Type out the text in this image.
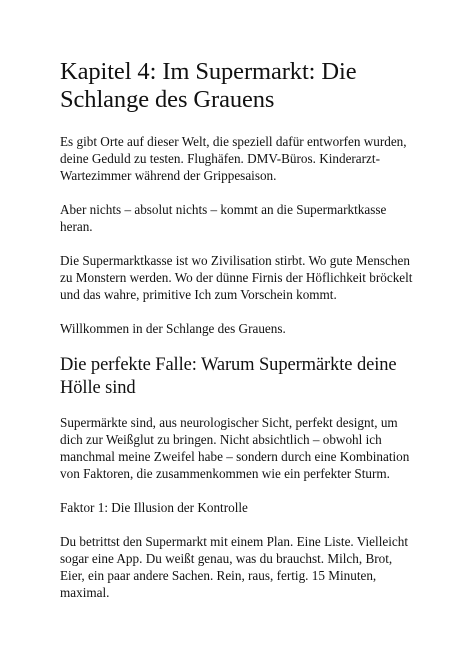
Kapitel 4: Im Supermarkt: Die Schlange des Grauens

Es gibt Orte auf dieser Welt, die speziell dafür entworfen wurden, deine Geduld zu testen. Flughäfen. DMV-Büros. Kinderarzt-Wartezimmer während der Grippesaison.

Aber nichts – absolut nichts – kommt an die Supermarktkasse heran.

Die Supermarktkasse ist wo Zivilisation stirbt. Wo gute Menschen zu Monstern werden. Wo der dünne Firnis der Höflichkeit bröckelt und das wahre, primitive Ich zum Vorschein kommt.

Willkommen in der Schlange des Grauens.

Die perfekte Falle: Warum Supermärkte deine Hölle sind

Supermärkte sind, aus neurologischer Sicht, perfekt designt, um dich zur Weißglut zu bringen. Nicht absichtlich – obwohl ich manchmal meine Zweifel habe – sondern durch eine Kombination von Faktoren, die zusammenkommen wie ein perfekter Sturm.

Faktor 1: Die Illusion der Kontrolle

Du betrittst den Supermarkt mit einem Plan. Eine Liste. Vielleicht sogar eine App. Du weißt genau, was du brauchst. Milch, Brot, Eier, ein paar andere Sachen. Rein, raus, fertig. 15 Minuten, maximal.
